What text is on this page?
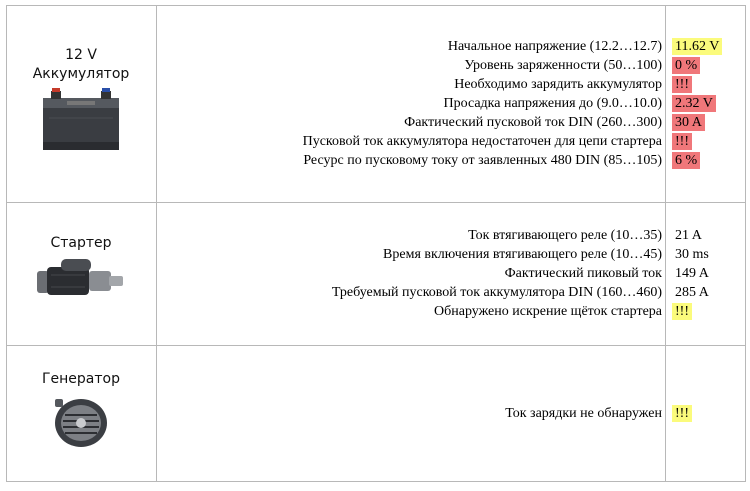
12 V
Аккумулятор
Начальное напряжение (12.2…12.7)
Уровень заряженности (50…100)
Необходимо зарядить аккумулятор
Просадка напряжения до (9.0…10.0)
Фактический пусковой ток DIN (260…300)
Пусковой ток аккумулятора недостаточен для цепи стартера
Ресурс по пусковому току от заявленных 480 DIN (85…105)
11.62 V
0 %
!!!
2.32 V
30 A
!!!
6 %
Стартер	Ток втягивающего реле (10…35)
Время включения втягивающего реле (10…45)
Фактический пиковый ток
Требуемый пусковой ток аккумулятора DIN (160…460)
Обнаружено искрение щёток стартера
21 A
30 ms
149 A
285 A
!!!
Генератор
Ток зарядки не обнаружен !!!
